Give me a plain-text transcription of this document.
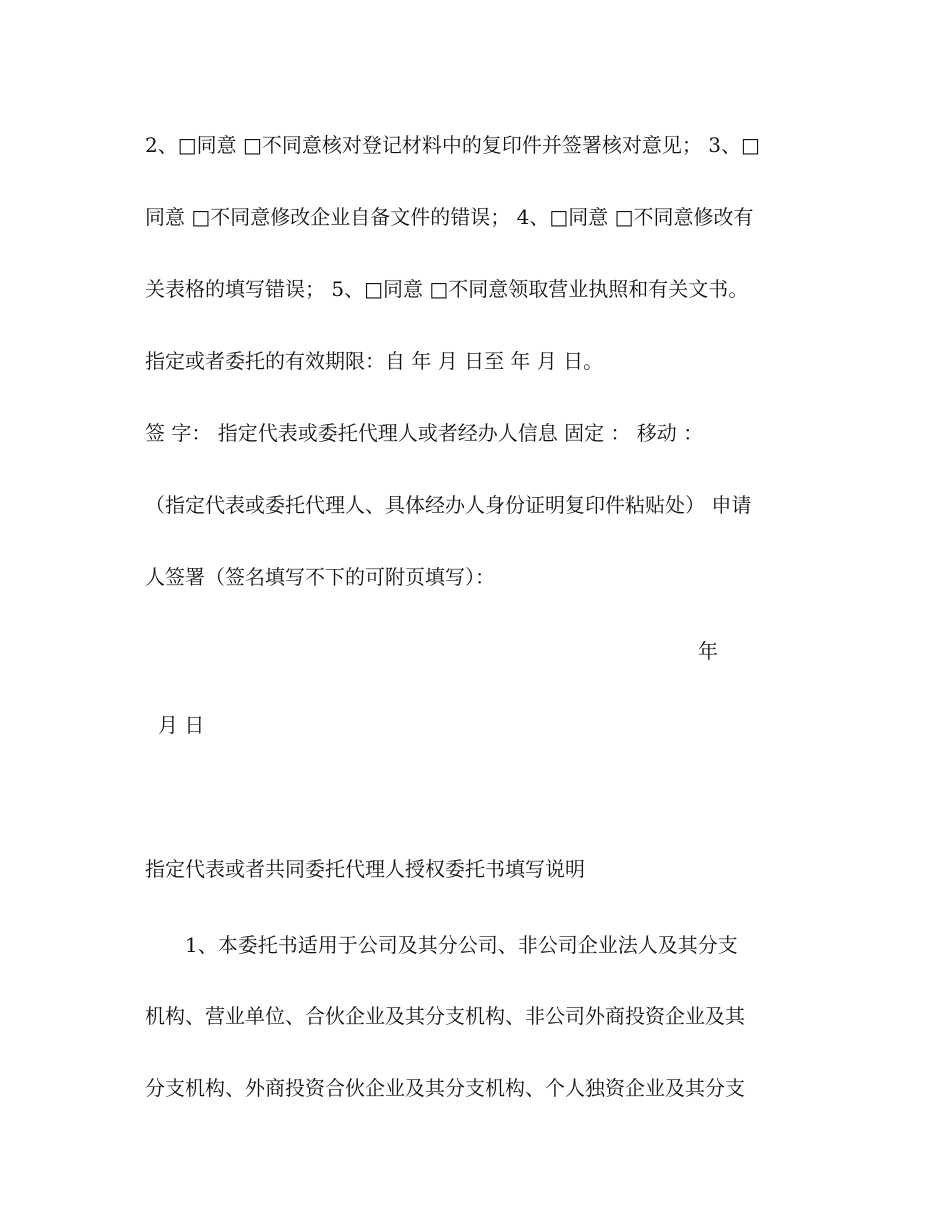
2、□同意 □不同意核对登记材料中的复印件并签署核对意见； 3、□
同意 □不同意修改企业自备文件的错误； 4、□同意 □不同意修改有
关表格的填写错误； 5、□同意 □不同意领取营业执照和有关文书。
指定或者委托的有效期限：自 年 月 日至 年 月 日。
签 字： 指定代表或委托代理人或者经办人信息 固定 ： 移动 ：
（指定代表或委托代理人、具体经办人身份证明复印件粘贴处） 申请
人签署（签名填写不下的可附页填写）：
年
月 日
指定代表或者共同委托代理人授权委托书填写说明
1、本委托书适用于公司及其分公司、非公司企业法人及其分支
机构、营业单位、合伙企业及其分支机构、非公司外商投资企业及其
分支机构、外商投资合伙企业及其分支机构、个人独资企业及其分支
